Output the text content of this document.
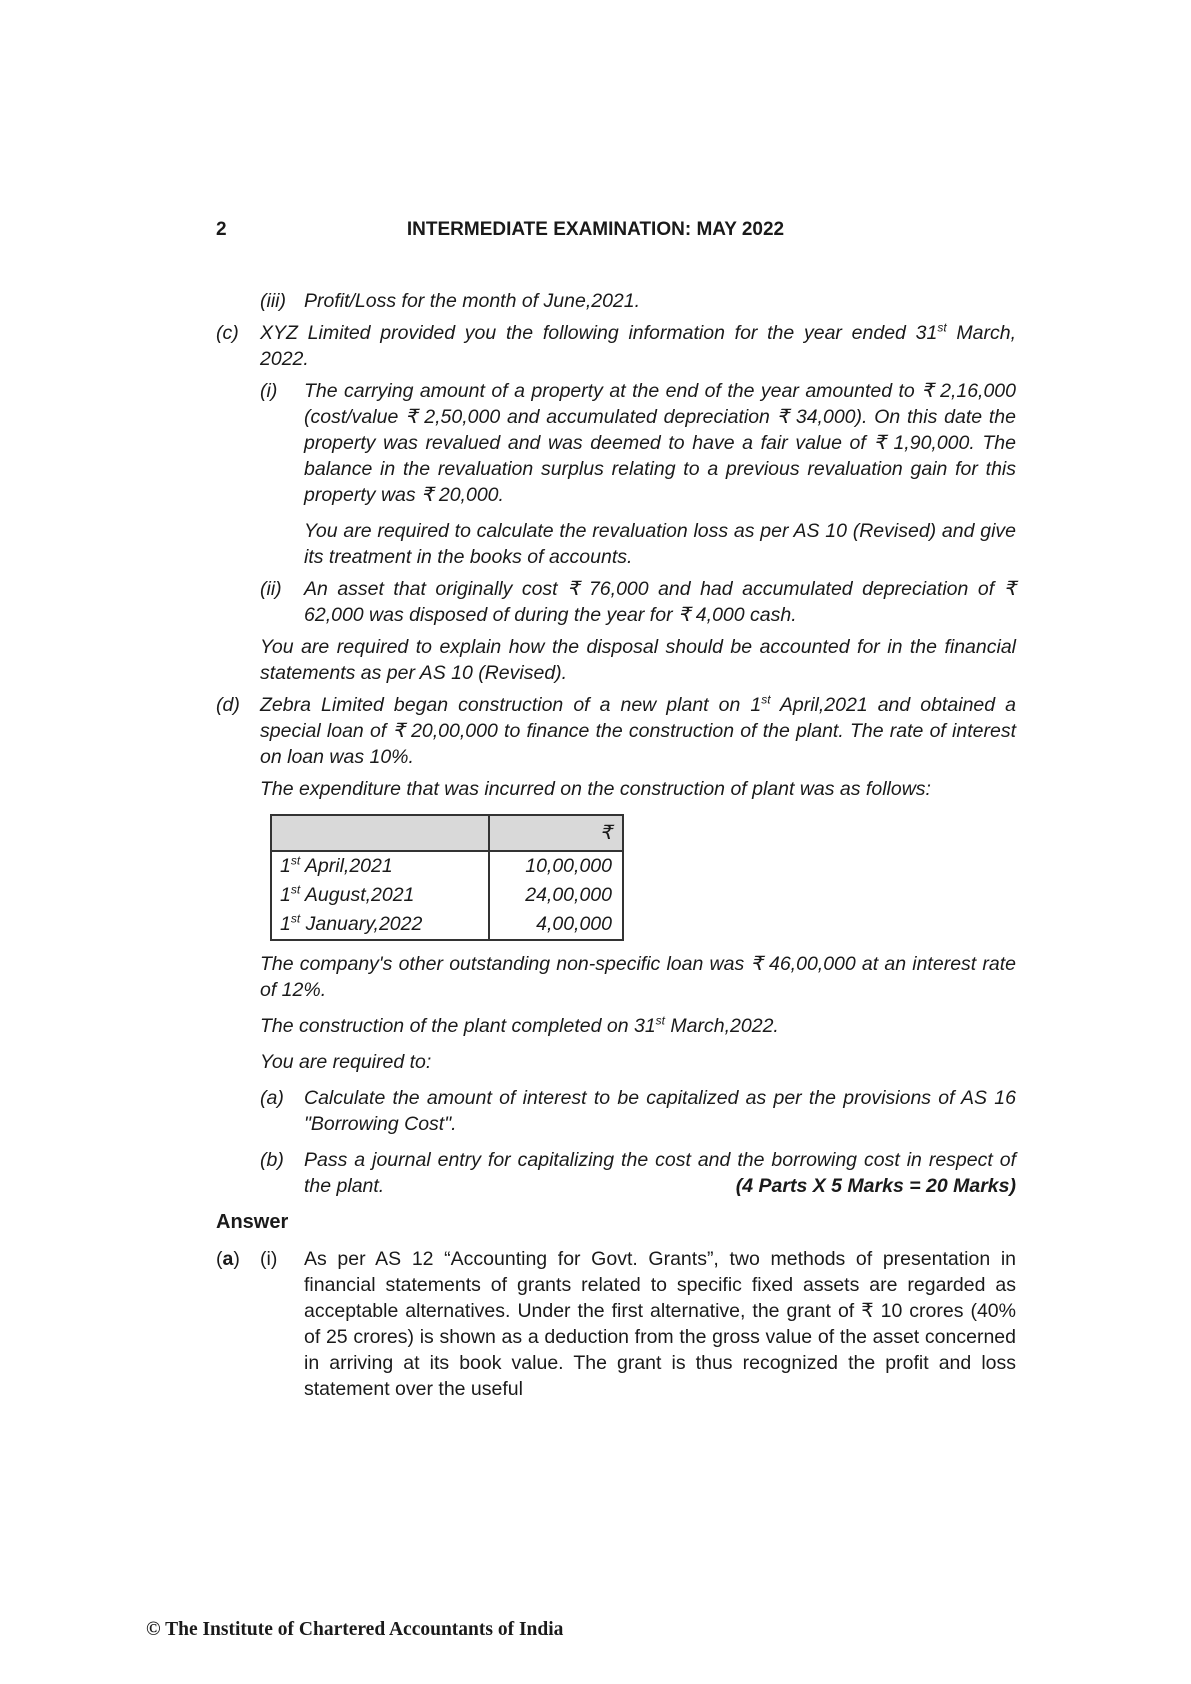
2	INTERMEDIATE EXAMINATION: MAY 2022
(iii) Profit/Loss for the month of June,2021.
(c)	XYZ Limited provided you the following information for the year ended 31st March, 2022.
(i)	The carrying amount of a property at the end of the year amounted to ₹ 2,16,000 (cost/value ₹ 2,50,000 and accumulated depreciation ₹ 34,000). On this date the property was revalued and was deemed to have a fair value of ₹ 1,90,000. The balance in the revaluation surplus relating to a previous revaluation gain for this property was ₹ 20,000.
You are required to calculate the revaluation loss as per AS 10 (Revised) and give its treatment in the books of accounts.
(ii)	An asset that originally cost ₹ 76,000 and had accumulated depreciation of ₹ 62,000 was disposed of during the year for ₹ 4,000 cash.
You are required to explain how the disposal should be accounted for in the financial statements as per AS 10 (Revised).
(d)	Zebra Limited began construction of a new plant on 1st April,2021 and obtained a special loan of ₹ 20,00,000 to finance the construction of the plant. The rate of interest on loan was 10%.
The expenditure that was incurred on the construction of plant was as follows:
	₹
1st April,2021	10,00,000
1st August,2021	24,00,000
1st January,2022	4,00,000
The company's other outstanding non-specific loan was ₹ 46,00,000 at an interest rate of 12%.
The construction of the plant completed on 31st March,2022.
You are required to:
(a)	Calculate the amount of interest to be capitalized as per the provisions of AS 16 "Borrowing Cost".
(b)	Pass a journal entry for capitalizing the cost and the borrowing cost in respect of the plant.	(4 Parts X 5 Marks = 20 Marks)
Answer
(a)	(i)	As per AS 12 “Accounting for Govt. Grants”, two methods of presentation in financial statements of grants related to specific fixed assets are regarded as acceptable alternatives. Under the first alternative, the grant of ₹ 10 crores (40% of 25 crores) is shown as a deduction from the gross value of the asset concerned in arriving at its book value. The grant is thus recognized the profit and loss statement over the useful
© The Institute of Chartered Accountants of India
